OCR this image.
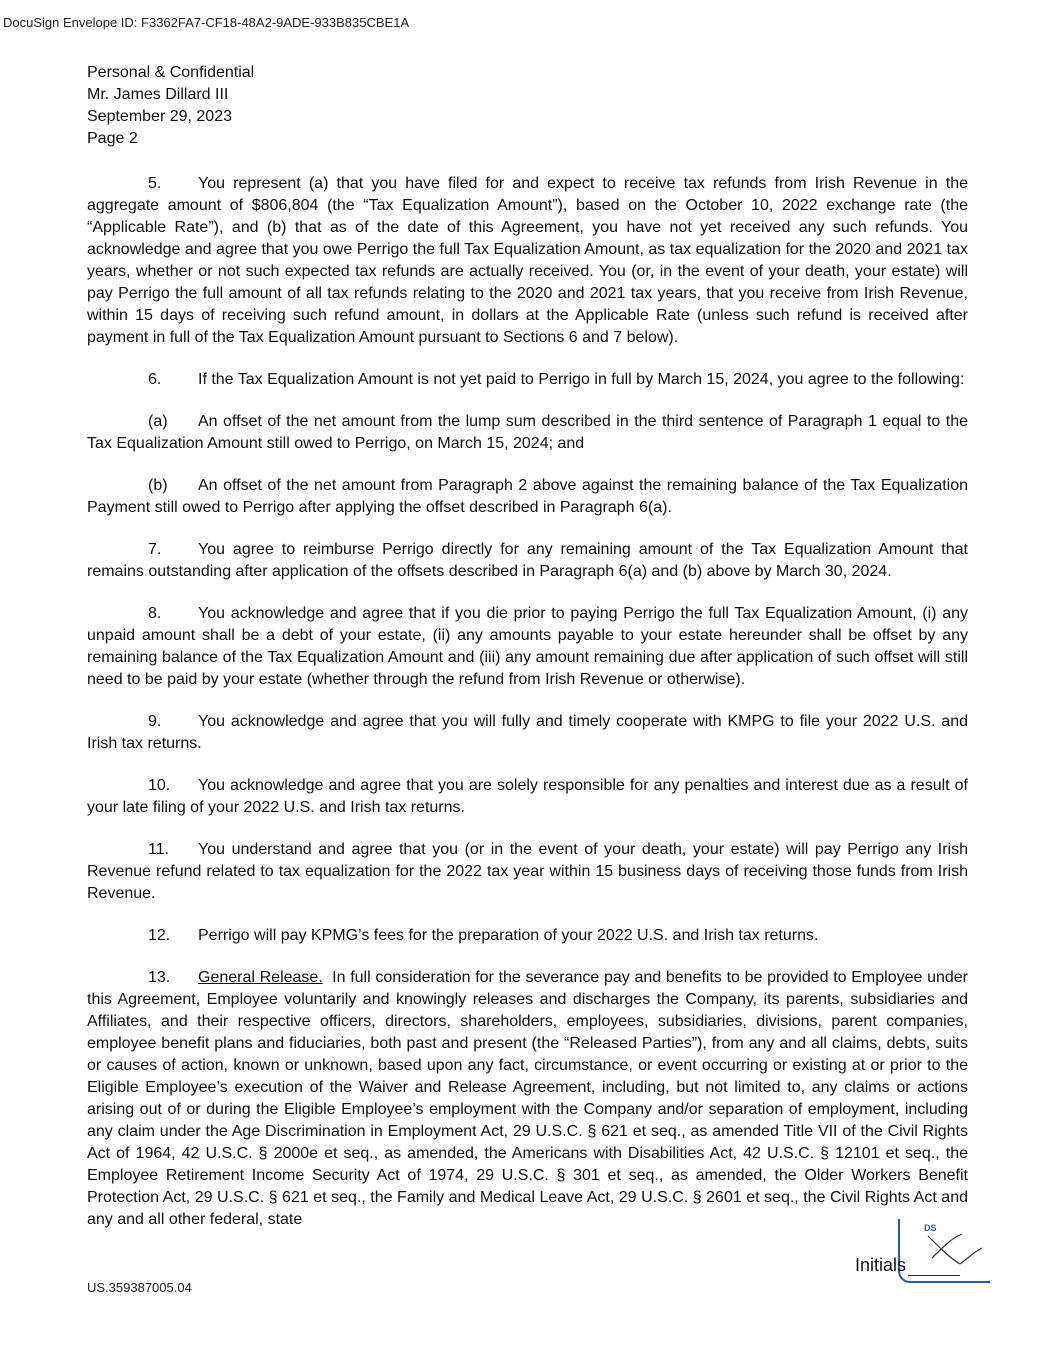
DocuSign Envelope ID: F3362FA7-CF18-48A2-9ADE-933B835CBE1A
Personal & Confidential
Mr. James Dillard III
September 29, 2023
Page 2

5. You represent (a) that you have filed for and expect to receive tax refunds from Irish Revenue in the aggregate amount of $806,804 (the “Tax Equalization Amount”), based on the October 10, 2022 exchange rate (the “Applicable Rate”), and (b) that as of the date of this Agreement, you have not yet received any such refunds. You acknowledge and agree that you owe Perrigo the full Tax Equalization Amount, as tax equalization for the 2020 and 2021 tax years, whether or not such expected tax refunds are actually received. You (or, in the event of your death, your estate) will pay Perrigo the full amount of all tax refunds relating to the 2020 and 2021 tax years, that you receive from Irish Revenue, within 15 days of receiving such refund amount, in dollars at the Applicable Rate (unless such refund is received after payment in full of the Tax Equalization Amount pursuant to Sections 6 and 7 below).

6. If the Tax Equalization Amount is not yet paid to Perrigo in full by March 15, 2024, you agree to the following:

(a) An offset of the net amount from the lump sum described in the third sentence of Paragraph 1 equal to the Tax Equalization Amount still owed to Perrigo, on March 15, 2024; and

(b) An offset of the net amount from Paragraph 2 above against the remaining balance of the Tax Equalization Payment still owed to Perrigo after applying the offset described in Paragraph 6(a).

7. You agree to reimburse Perrigo directly for any remaining amount of the Tax Equalization Amount that remains outstanding after application of the offsets described in Paragraph 6(a) and (b) above by March 30, 2024.

8. You acknowledge and agree that if you die prior to paying Perrigo the full Tax Equalization Amount, (i) any unpaid amount shall be a debt of your estate, (ii) any amounts payable to your estate hereunder shall be offset by any remaining balance of the Tax Equalization Amount and (iii) any amount remaining due after application of such offset will still need to be paid by your estate (whether through the refund from Irish Revenue or otherwise).

9. You acknowledge and agree that you will fully and timely cooperate with KMPG to file your 2022 U.S. and Irish tax returns.

10. You acknowledge and agree that you are solely responsible for any penalties and interest due as a result of your late filing of your 2022 U.S. and Irish tax returns.

11. You understand and agree that you (or in the event of your death, your estate) will pay Perrigo any Irish Revenue refund related to tax equalization for the 2022 tax year within 15 business days of receiving those funds from Irish Revenue.

12. Perrigo will pay KPMG’s fees for the preparation of your 2022 U.S. and Irish tax returns.

13. General Release. In full consideration for the severance pay and benefits to be provided to Employee under this Agreement, Employee voluntarily and knowingly releases and discharges the Company, its parents, subsidiaries and Affiliates, and their respective officers, directors, shareholders, employees, subsidiaries, divisions, parent companies, employee benefit plans and fiduciaries, both past and present (the “Released Parties”), from any and all claims, debts, suits or causes of action, known or unknown, based upon any fact, circumstance, or event occurring or existing at or prior to the Eligible Employee’s execution of the Waiver and Release Agreement, including, but not limited to, any claims or actions arising out of or during the Eligible Employee’s employment with the Company and/or separation of employment, including any claim under the Age Discrimination in Employment Act, 29 U.S.C. § 621 et seq., as amended Title VII of the Civil Rights Act of 1964, 42 U.S.C. § 2000e et seq., as amended, the Americans with Disabilities Act, 42 U.S.C. § 12101 et seq., the Employee Retirement Income Security Act of 1974, 29 U.S.C. § 301 et seq., as amended, the Older Workers Benefit Protection Act, 29 U.S.C. § 621 et seq., the Family and Medical Leave Act, 29 U.S.C. § 2601 et seq., the Civil Rights Act and any and all other federal, state	DS
Initials
US.359387005.04
